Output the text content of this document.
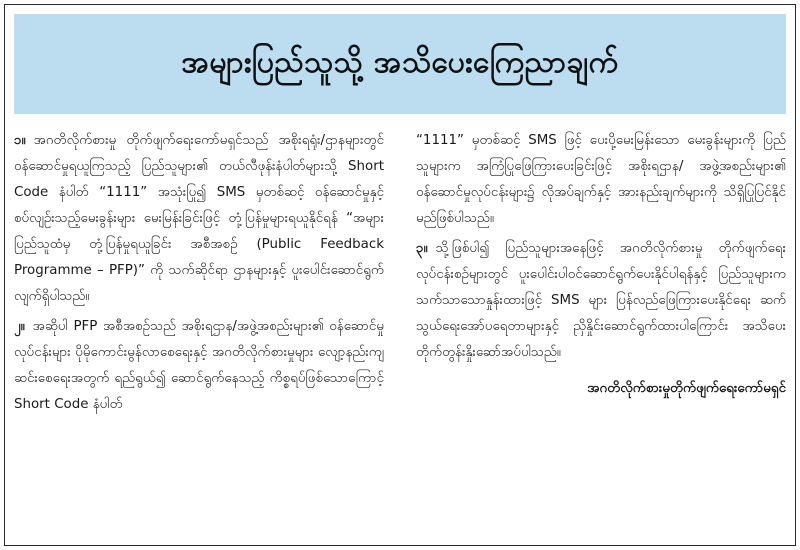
အများပြည်သူသို့ အသိပေးကြေညာချက်

၁။ အဂတိလိုက်စားမှု တိုက်ဖျက်ရေးကော်မရှင်သည် အစိုးရရုံး/ဌာနများတွင် ဝန်ဆောင်မှုရယူကြသည့် ပြည်သူများ၏ တယ်လီဖုန်းနံပါတ်များသို့ Short Code နံပါတ် “1111” အသုံးပြု၍ SMS မှတစ်ဆင့် ဝန်ဆောင်မှုနှင့်စပ်လျဉ်းသည့်မေးခွန်းများ မေးမြန်းခြင်းဖြင့် တုံ့ပြန်မှုများရယူနိုင်ရန် “အများပြည်သူထံမှ တုံ့ပြန်မှုရယူခြင်း အစီအစဉ် (Public Feedback Programme – PFP)” ကို သက်ဆိုင်ရာ ဌာနများနှင့် ပူးပေါင်းဆောင်ရွက်လျက်ရှိပါသည်။

၂။ အဆိုပါ PFP အစီအစဉ်သည် အစိုးရဌာန/အဖွဲ့အစည်းများ၏ ဝန်ဆောင်မှုလုပ်ငန်းများ ပိုမိုကောင်းမွန်လာစေရေးနှင့် အဂတိလိုက်စားမှုများ လျော့နည်းကျဆင်းစေရေးအတွက် ရည်ရွယ်၍ ဆောင်ရွက်နေသည့် ကိစ္စရပ်ဖြစ်သောကြောင့် Short Code နံပါတ်

“1111” မှတစ်ဆင့် SMS ဖြင့် ပေးပို့မေးမြန်းသော မေးခွန်းများကို ပြည်သူများက အကြံပြုဖြေကြားပေးခြင်းဖြင့် အစိုးရဌာန/ အဖွဲ့အစည်းများ၏ ဝန်ဆောင်မှုလုပ်ငန်းများ၌ လိုအပ်ချက်နှင့် အားနည်းချက်များကို သိရှိပြုပြင်နိုင်မည်ဖြစ်ပါသည်။

၃။ သို့ဖြစ်ပါ၍ ပြည်သူများအနေဖြင့် အဂတိလိုက်စားမှု တိုက်ဖျက်ရေးလုပ်ငန်းစဉ်များတွင် ပူးပေါင်းပါဝင်ဆောင်ရွက်ပေးနိုင်ပါရန်နှင့် ပြည်သူများက သက်သာသောနှုန်းထားဖြင့် SMS များ ပြန်လည်ဖြေကြားပေးနိုင်ရေး ဆက်သွယ်ရေးအော်ပရေတာများနှင့် ညှိနှိုင်းဆောင်ရွက်ထားပါကြောင်း အသိပေးတိုက်တွန်းနှိုးဆော်အပ်ပါသည်။

အဂတိလိုက်စားမှုတိုက်ဖျက်ရေးကော်မရှင်
